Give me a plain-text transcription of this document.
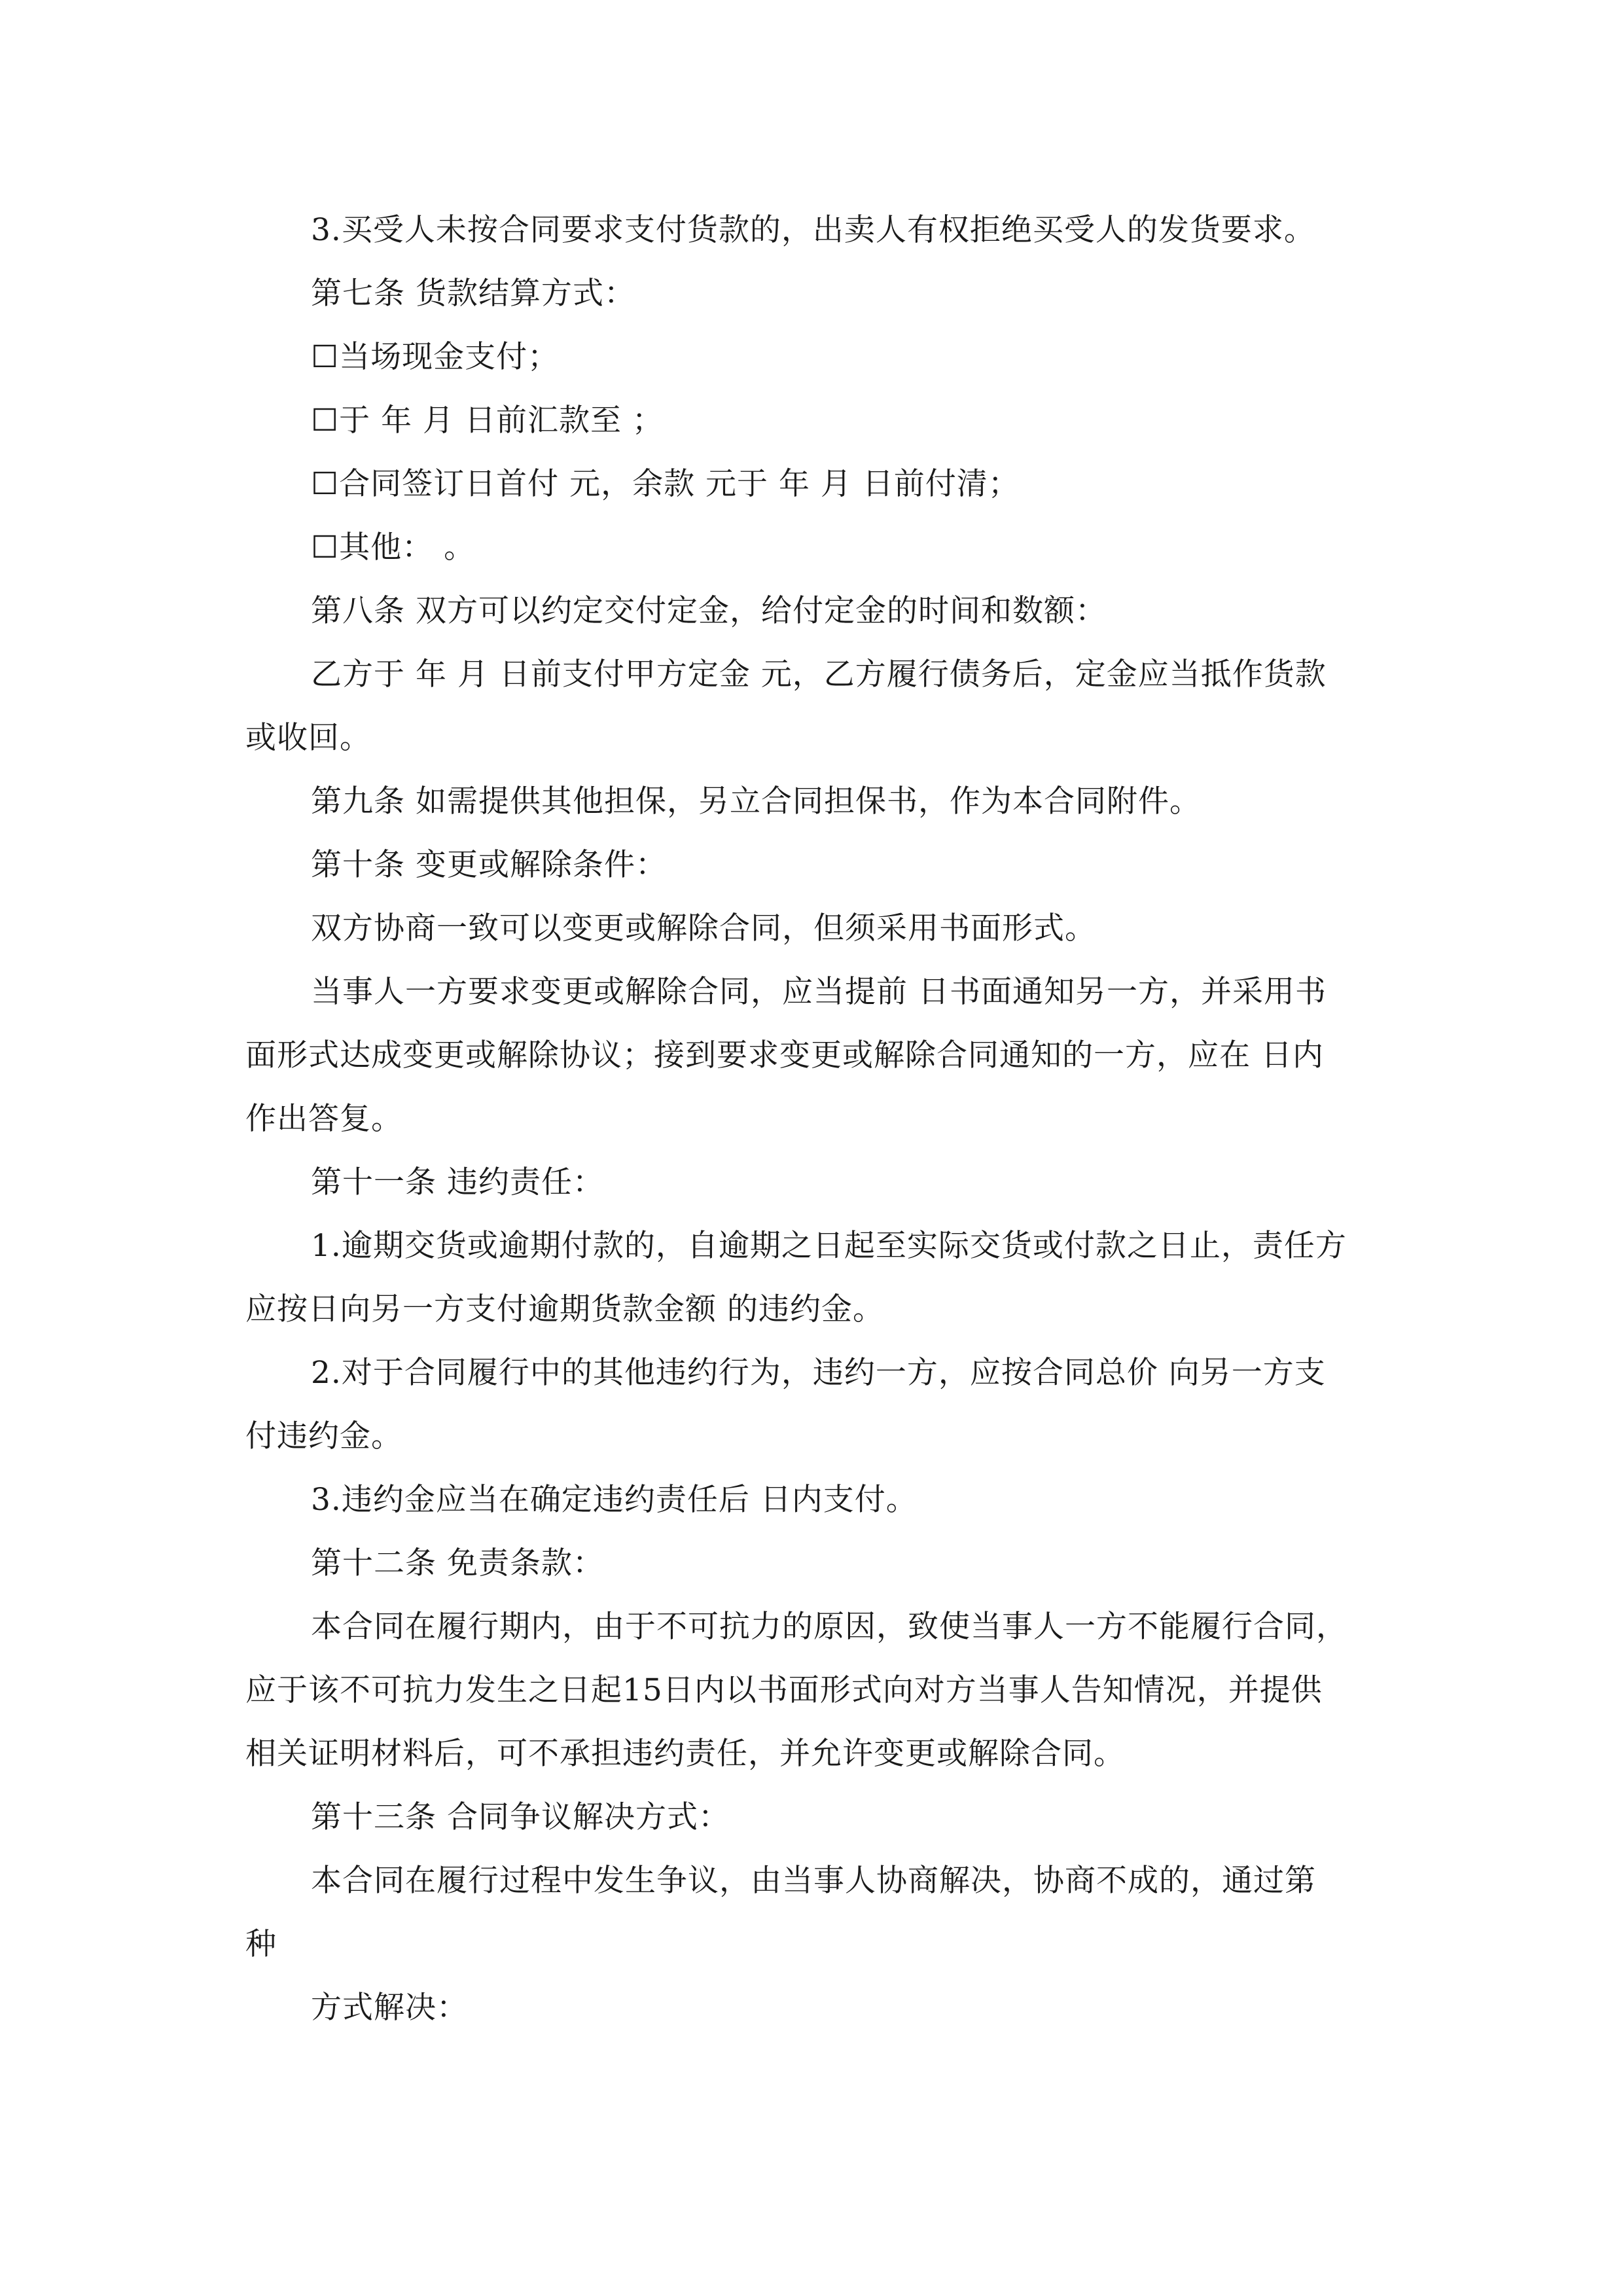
3.买受人未按合同要求支付货款的，出卖人有权拒绝买受人的发货要求。
第七条 货款结算方式：
☐当场现金支付；
☐于 年 月 日前汇款至 ；
☐合同签订日首付 元，余款 元于 年 月 日前付清；
☐其他： 。
第八条 双方可以约定交付定金，给付定金的时间和数额：
乙方于 年 月 日前支付甲方定金 元，乙方履行债务后，定金应当抵作货款
或收回。
第九条 如需提供其他担保，另立合同担保书，作为本合同附件。
第十条 变更或解除条件：
双方协商一致可以变更或解除合同，但须采用书面形式。
当事人一方要求变更或解除合同，应当提前 日书面通知另一方，并采用书
面形式达成变更或解除协议；接到要求变更或解除合同通知的一方，应在 日内
作出答复。
第十一条 违约责任：
1.逾期交货或逾期付款的，自逾期之日起至实际交货或付款之日止，责任方
应按日向另一方支付逾期货款金额 的违约金。
2.对于合同履行中的其他违约行为，违约一方，应按合同总价 向另一方支
付违约金。
3.违约金应当在确定违约责任后 日内支付。
第十二条 免责条款：
本合同在履行期内，由于不可抗力的原因，致使当事人一方不能履行合同，
应于该不可抗力发生之日起15日内以书面形式向对方当事人告知情况，并提供
相关证明材料后，可不承担违约责任，并允许变更或解除合同。
第十三条 合同争议解决方式：
本合同在履行过程中发生争议，由当事人协商解决，协商不成的，通过第
种
方式解决：
